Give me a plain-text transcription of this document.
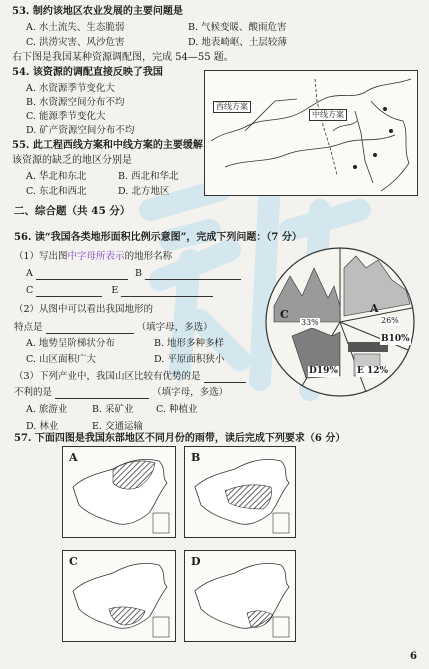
53. 制约该地区农业发展的主要问题是
A. 水土流失、生态脆弱	B. 气候变暖、酸雨危害
C. 洪涝灾害、风沙危害	D. 地表崎岖、土层较薄
右下图是我国某种资源调配图，完成 54—55 题。
54. 该资源的调配直接反映了我国
A. 水资源季节变化大
B. 水资源空间分布不均
C. 能源季节变化大
D. 矿产资源空间分布不均
55. 此工程西线方案和中线方案的主要缓解
该资源的缺乏的地区分别是
A. 华北和东北	B. 西北和华北
C. 东北和西北	D. 北方地区
西线方案
中线方案
二、综合题（共 45 分）
56. 读“我国各类地形面积比例示意图”，完成下列问题：（7 分）
（1）写出图中字母所表示的地形名称
A	B
C	E
（2）从图中可以看出我国地形的
特点是	（填字母，多选）
A. 地势呈阶梯状分布	B. 地形多种多样
C. 山区面积广大	D. 平原面积狭小
（3）下列产业中，我国山区比较有优势的是
不利的是	（填字母，多选）
A. 旅游业	B. 采矿业 C. 种植业
D. 林业	E. 交通运输
A
26%
B10%
C
33%
D19% E 12%
57. 下面四图是我国东部地区不同月份的雨带，读后完成下列要求（6 分）
A	B
C	D
6
